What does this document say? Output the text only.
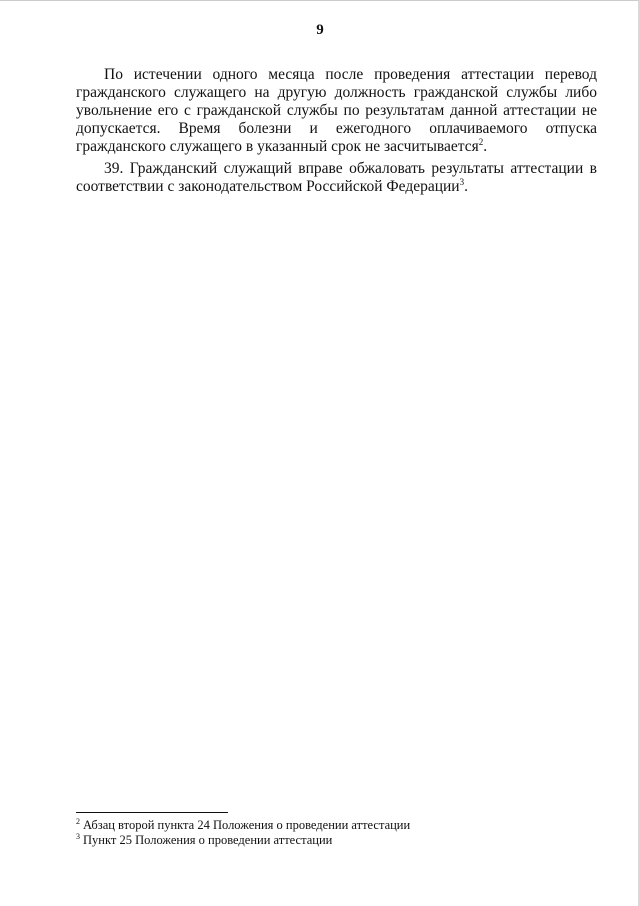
9

По истечении одного месяца после проведения аттестации перевод гражданского служащего на другую должность гражданской службы либо увольнение его с гражданской службы по результатам данной аттестации не допускается. Время болезни и ежегодного оплачиваемого отпуска гражданского служащего в указанный срок не засчитывается$^2$.

39. Гражданский служащий вправе обжаловать результаты аттестации в соответствии с законодательством Российской Федерации$^3$.

$^2$ Абзац второй пункта 24 Положения о проведении аттестации

$^3$ Пункт 25 Положения о проведении аттестации
